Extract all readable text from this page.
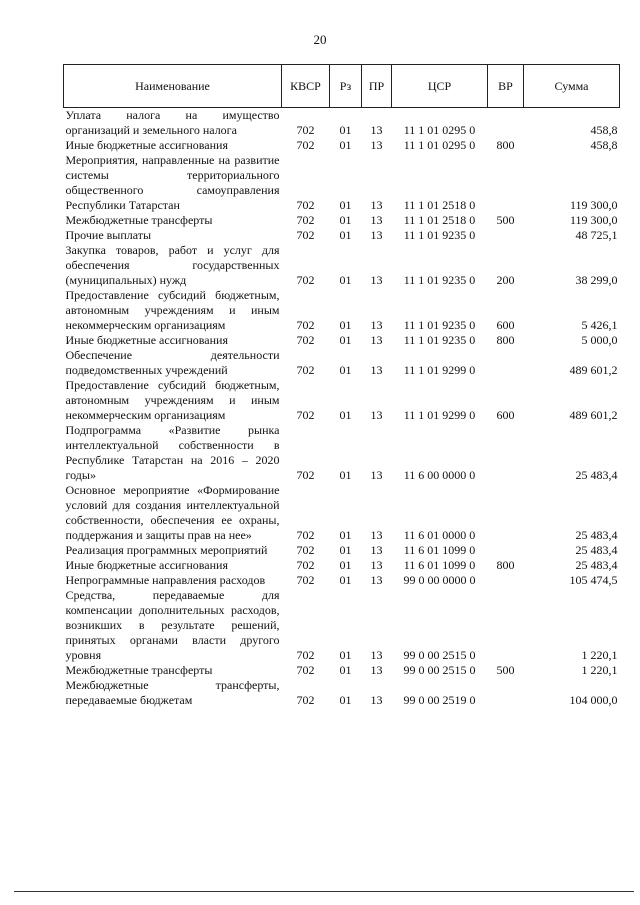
20
Наименование	КВСР	Рз	ПР	ЦСР	ВР	Сумма
Уплата налога на имущество организаций и земельного налога	702	01	13	11 1 01 0295 0		458,8
Иные бюджетные ассигнования	702	01	13	11 1 01 0295 0	800	458,8
Мероприятия, направленные на развитие системы территориального общественного самоуправления Республики Татарстан	702	01	13	11 1 01 2518 0		119 300,0
Межбюджетные трансферты	702	01	13	11 1 01 2518 0	500	119 300,0
Прочие выплаты	702	01	13	11 1 01 9235 0		48 725,1
Закупка товаров, работ и услуг для обеспечения государственных (муниципальных) нужд	702	01	13	11 1 01 9235 0	200	38 299,0
Предоставление субсидий бюджетным, автономным учреждениям и иным некоммерческим организациям	702	01	13	11 1 01 9235 0	600	5 426,1
Иные бюджетные ассигнования	702	01	13	11 1 01 9235 0	800	5 000,0
Обеспечение деятельности подведомственных учреждений	702	01	13	11 1 01 9299 0		489 601,2
Предоставление субсидий бюджетным, автономным учреждениям и иным некоммерческим организациям	702	01	13	11 1 01 9299 0	600	489 601,2
Подпрограмма «Развитие рынка интеллектуальной собственности в Республике Татарстан на 2016 – 2020 годы»	702	01	13	11 6 00 0000 0		25 483,4
Основное мероприятие «Формирование условий для создания интеллектуальной собственности, обеспечения ее охраны, поддержания и защиты прав на нее»	702	01	13	11 6 01 0000 0		25 483,4
Реализация программных мероприятий	702	01	13	11 6 01 1099 0		25 483,4
Иные бюджетные ассигнования	702	01	13	11 6 01 1099 0	800	25 483,4
Непрограммные направления расходов	702	01	13	99 0 00 0000 0		105 474,5
Средства, передаваемые для компенсации дополнительных расходов, возникших в результате решений, принятых органами власти другого уровня	702	01	13	99 0 00 2515 0		1 220,1
Межбюджетные трансферты	702	01	13	99 0 00 2515 0	500	1 220,1
Межбюджетные трансферты, передаваемые бюджетам	702	01	13	99 0 00 2519 0		104 000,0
